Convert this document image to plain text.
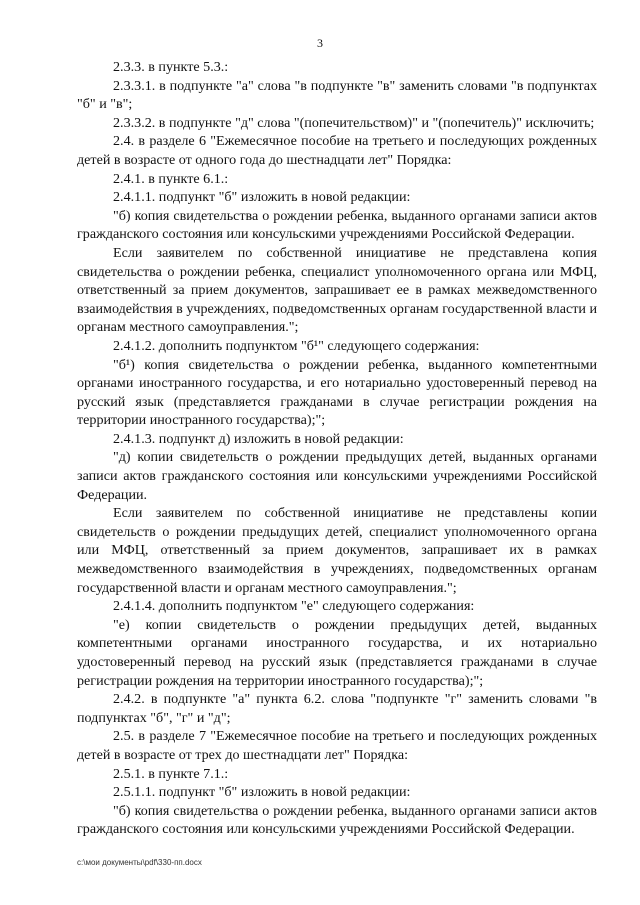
3

2.3.3. в пункте 5.3.:

2.3.3.1. в подпункте "а" слова "в подпункте "в" заменить словами "в подпунктах "б" и "в";

2.3.3.2. в подпункте "д" слова "(попечительством)" и "(попечитель)" исключить;

2.4. в разделе 6 "Ежемесячное пособие на третьего и последующих рожденных детей в возрасте от одного года до шестнадцати лет" Порядка:

2.4.1. в пункте 6.1.:

2.4.1.1. подпункт "б" изложить в новой редакции:

"б) копия свидетельства о рождении ребенка, выданного органами записи актов гражданского состояния или консульскими учреждениями Российской Федерации.

Если заявителем по собственной инициативе не представлена копия свидетельства о рождении ребенка, специалист уполномоченного органа или МФЦ, ответственный за прием документов, запрашивает ее в рамках межведомственного взаимодействия в учреждениях, подведомственных органам государственной власти и органам местного самоуправления.";

2.4.1.2. дополнить подпунктом "б¹" следующего содержания:

"б¹) копия свидетельства о рождении ребенка, выданного компетентными органами иностранного государства, и его нотариально удостоверенный перевод на русский язык (представляется гражданами в случае регистрации рождения на территории иностранного государства);";

2.4.1.3. подпункт д) изложить в новой редакции:

"д) копии свидетельств о рождении предыдущих детей, выданных органами записи актов гражданского состояния или консульскими учреждениями Российской Федерации.

Если заявителем по собственной инициативе не представлены копии свидетельств о рождении предыдущих детей, специалист уполномоченного органа или МФЦ, ответственный за прием документов, запрашивает их в рамках межведомственного взаимодействия в учреждениях, подведомственных органам государственной власти и органам местного самоуправления.";

2.4.1.4. дополнить подпунктом "е" следующего содержания:

"е) копии свидетельств о рождении предыдущих детей, выданных компетентными органами иностранного государства, и их нотариально удостоверенный перевод на русский язык (представляется гражданами в случае регистрации рождения на территории иностранного государства);";

2.4.2. в подпункте "а" пункта 6.2. слова "подпункте "г" заменить словами "в подпунктах "б", "г" и "д";

2.5. в разделе 7 "Ежемесячное пособие на третьего и последующих рожденных детей в возрасте от трех до шестнадцати лет" Порядка:

2.5.1. в пункте 7.1.:

2.5.1.1. подпункт "б" изложить в новой редакции:

"б) копия свидетельства о рождении ребенка, выданного органами записи актов гражданского состояния или консульскими учреждениями Российской Федерации.

c:\мои документы\pdf\330-пп.docx
